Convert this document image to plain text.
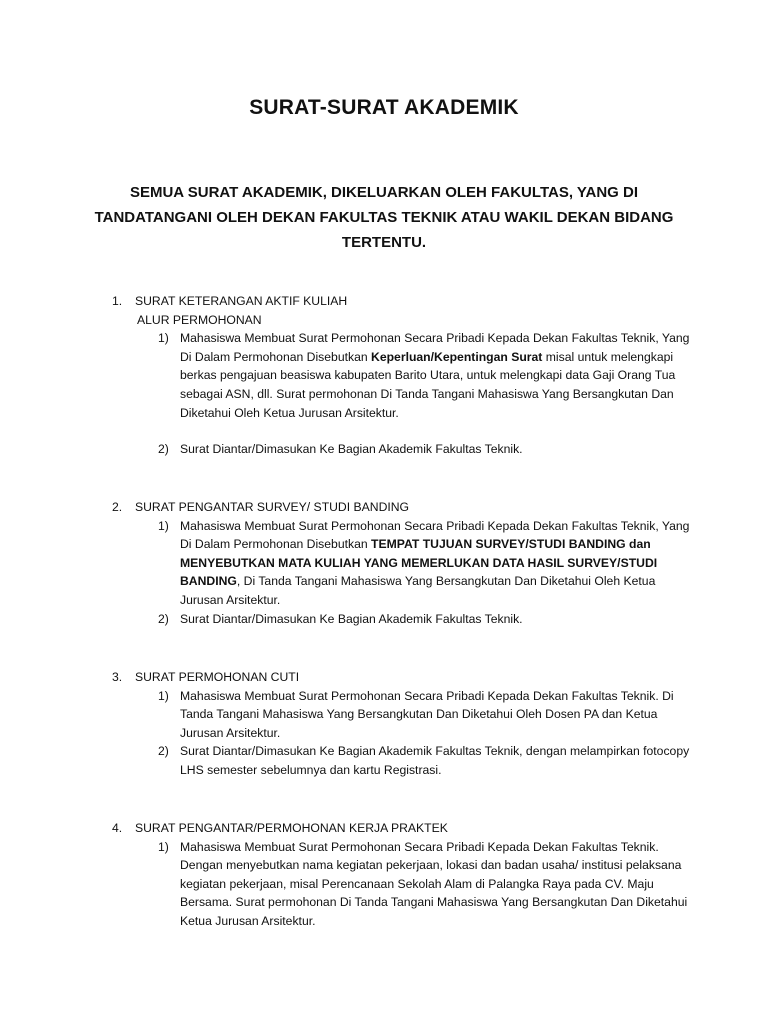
SURAT-SURAT AKADEMIK
SEMUA SURAT AKADEMIK, DIKELUARKAN OLEH FAKULTAS, YANG DI TANDATANGANI OLEH DEKAN FAKULTAS TEKNIK ATAU WAKIL DEKAN BIDANG TERTENTU.
1.	SURAT KETERANGAN AKTIF KULIAH
ALUR PERMOHONAN
1) Mahasiswa Membuat Surat Permohonan Secara Pribadi Kepada Dekan Fakultas Teknik, Yang Di Dalam Permohonan Disebutkan Keperluan/Kepentingan Surat misal untuk melengkapi berkas pengajuan beasiswa kabupaten Barito Utara, untuk melengkapi data Gaji Orang Tua sebagai ASN, dll. Surat permohonan Di Tanda Tangani Mahasiswa Yang Bersangkutan Dan Diketahui Oleh Ketua Jurusan Arsitektur.
2) Surat Diantar/Dimasukan Ke Bagian Akademik Fakultas Teknik.
2.	SURAT PENGANTAR SURVEY/ STUDI BANDING
1) Mahasiswa Membuat Surat Permohonan Secara Pribadi Kepada Dekan Fakultas Teknik, Yang Di Dalam Permohonan Disebutkan TEMPAT TUJUAN SURVEY/STUDI BANDING dan MENYEBUTKAN MATA KULIAH YANG MEMERLUKAN DATA HASIL SURVEY/STUDI BANDING, Di Tanda Tangani Mahasiswa Yang Bersangkutan Dan Diketahui Oleh Ketua Jurusan Arsitektur.
2) Surat Diantar/Dimasukan Ke Bagian Akademik Fakultas Teknik.
3.	SURAT PERMOHONAN CUTI
1) Mahasiswa Membuat Surat Permohonan Secara Pribadi Kepada Dekan Fakultas Teknik. Di Tanda Tangani Mahasiswa Yang Bersangkutan Dan Diketahui Oleh Dosen PA dan Ketua Jurusan Arsitektur.
2) Surat Diantar/Dimasukan Ke Bagian Akademik Fakultas Teknik, dengan melampirkan fotocopy LHS semester sebelumnya dan kartu Registrasi.
4.	SURAT PENGANTAR/PERMOHONAN KERJA PRAKTEK
1) Mahasiswa Membuat Surat Permohonan Secara Pribadi Kepada Dekan Fakultas Teknik. Dengan menyebutkan nama kegiatan pekerjaan, lokasi dan badan usaha/ institusi pelaksana kegiatan pekerjaan, misal Perencanaan Sekolah Alam di Palangka Raya pada CV. Maju Bersama. Surat permohonan Di Tanda Tangani Mahasiswa Yang Bersangkutan Dan Diketahui Ketua Jurusan Arsitektur.
